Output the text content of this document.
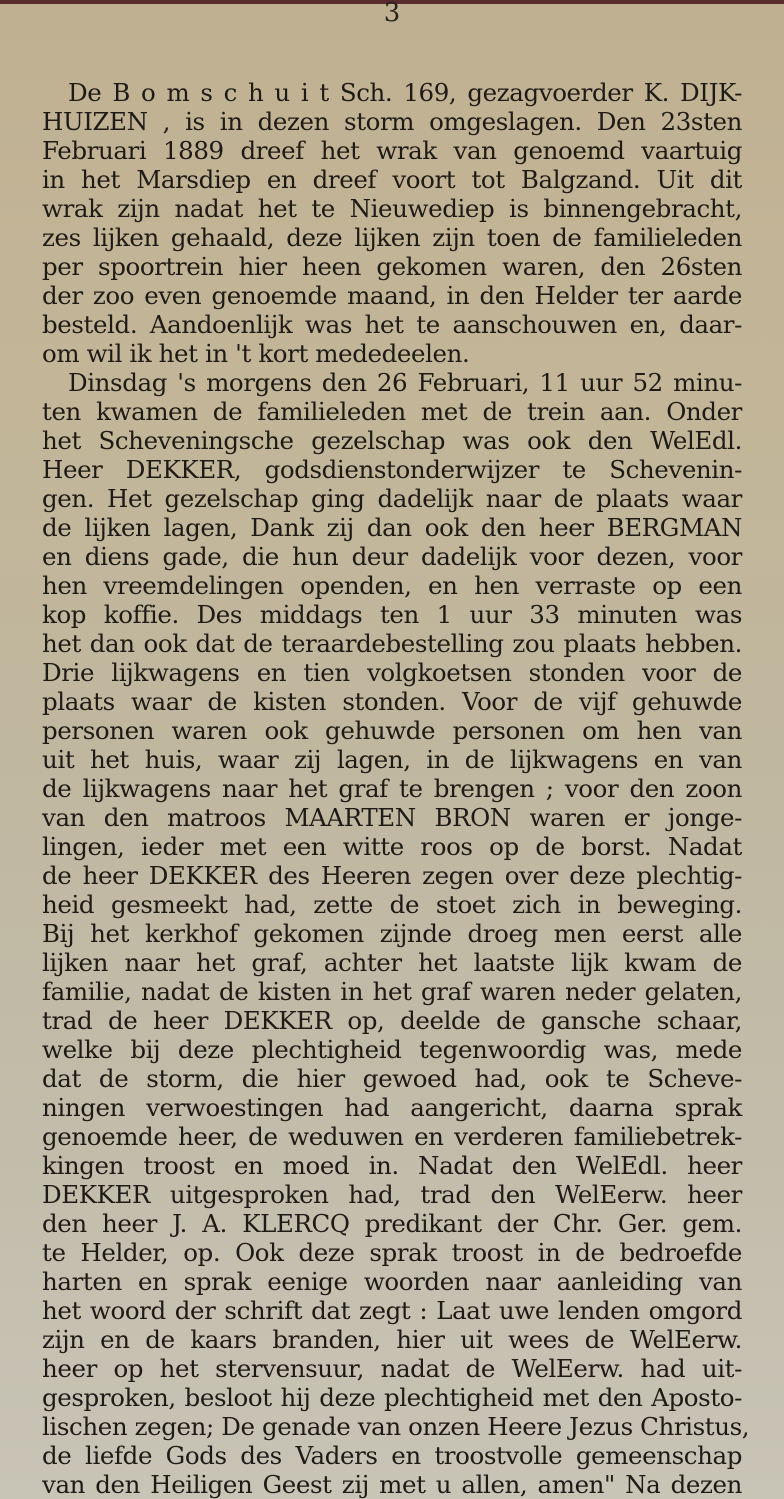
3
De B o m s c h u i t Sch. 169, gezagvoerder K. DIJK-
HUIZEN , is in dezen storm omgeslagen. Den 23sten
Februari 1889 dreef het wrak van genoemd vaartuig
in het Marsdiep en dreef voort tot Balgzand. Uit dit
wrak zijn nadat het te Nieuwediep is binnengebracht,
zes lijken gehaald, deze lijken zijn toen de familieleden
per spoortrein hier heen gekomen waren, den 26sten
der zoo even genoemde maand, in den Helder ter aarde
besteld. Aandoenlijk was het te aanschouwen en, daar-
om wil ik het in 't kort mededeelen.
Dinsdag 's morgens den 26 Februari, 11 uur 52 minu-
ten kwamen de familieleden met de trein aan. Onder
het Scheveningsche gezelschap was ook den WelEdl.
Heer DEKKER, godsdienstonderwijzer te Schevenin-
gen. Het gezelschap ging dadelijk naar de plaats waar
de lijken lagen, Dank zij dan ook den heer BERGMAN
en diens gade, die hun deur dadelijk voor dezen, voor
hen vreemdelingen openden, en hen verraste op een
kop koffie. Des middags ten 1 uur 33 minuten was
het dan ook dat de teraardebestelling zou plaats hebben.
Drie lijkwagens en tien volgkoetsen stonden voor de
plaats waar de kisten stonden. Voor de vijf gehuwde
personen waren ook gehuwde personen om hen van
uit het huis, waar zij lagen, in de lijkwagens en van
de lijkwagens naar het graf te brengen ; voor den zoon
van den matroos MAARTEN BRON waren er jonge-
lingen, ieder met een witte roos op de borst. Nadat
de heer DEKKER des Heeren zegen over deze plechtig-
heid gesmeekt had, zette de stoet zich in beweging.
Bij het kerkhof gekomen zijnde droeg men eerst alle
lijken naar het graf, achter het laatste lijk kwam de
familie, nadat de kisten in het graf waren neder gelaten,
trad de heer DEKKER op, deelde de gansche schaar,
welke bij deze plechtigheid tegenwoordig was, mede
dat de storm, die hier gewoed had, ook te Scheve-
ningen verwoestingen had aangericht, daarna sprak
genoemde heer, de weduwen en verderen familiebetrek-
kingen troost en moed in. Nadat den WelEdl. heer
DEKKER uitgesproken had, trad den WelEerw. heer
den heer J. A. KLERCQ predikant der Chr. Ger. gem.
te Helder, op. Ook deze sprak troost in de bedroefde
harten en sprak eenige woorden naar aanleiding van
het woord der schrift dat zegt : Laat uwe lenden omgord
zijn en de kaars branden, hier uit wees de WelEerw.
heer op het stervensuur, nadat de WelEerw. had uit-
gesproken, besloot hij deze plechtigheid met den Aposto-
lischen zegen; De genade van onzen Heere Jezus Christus,
de liefde Gods des Vaders en troostvolle gemeenschap
van den Heiligen Geest zij met u allen, amen" Na dezen
